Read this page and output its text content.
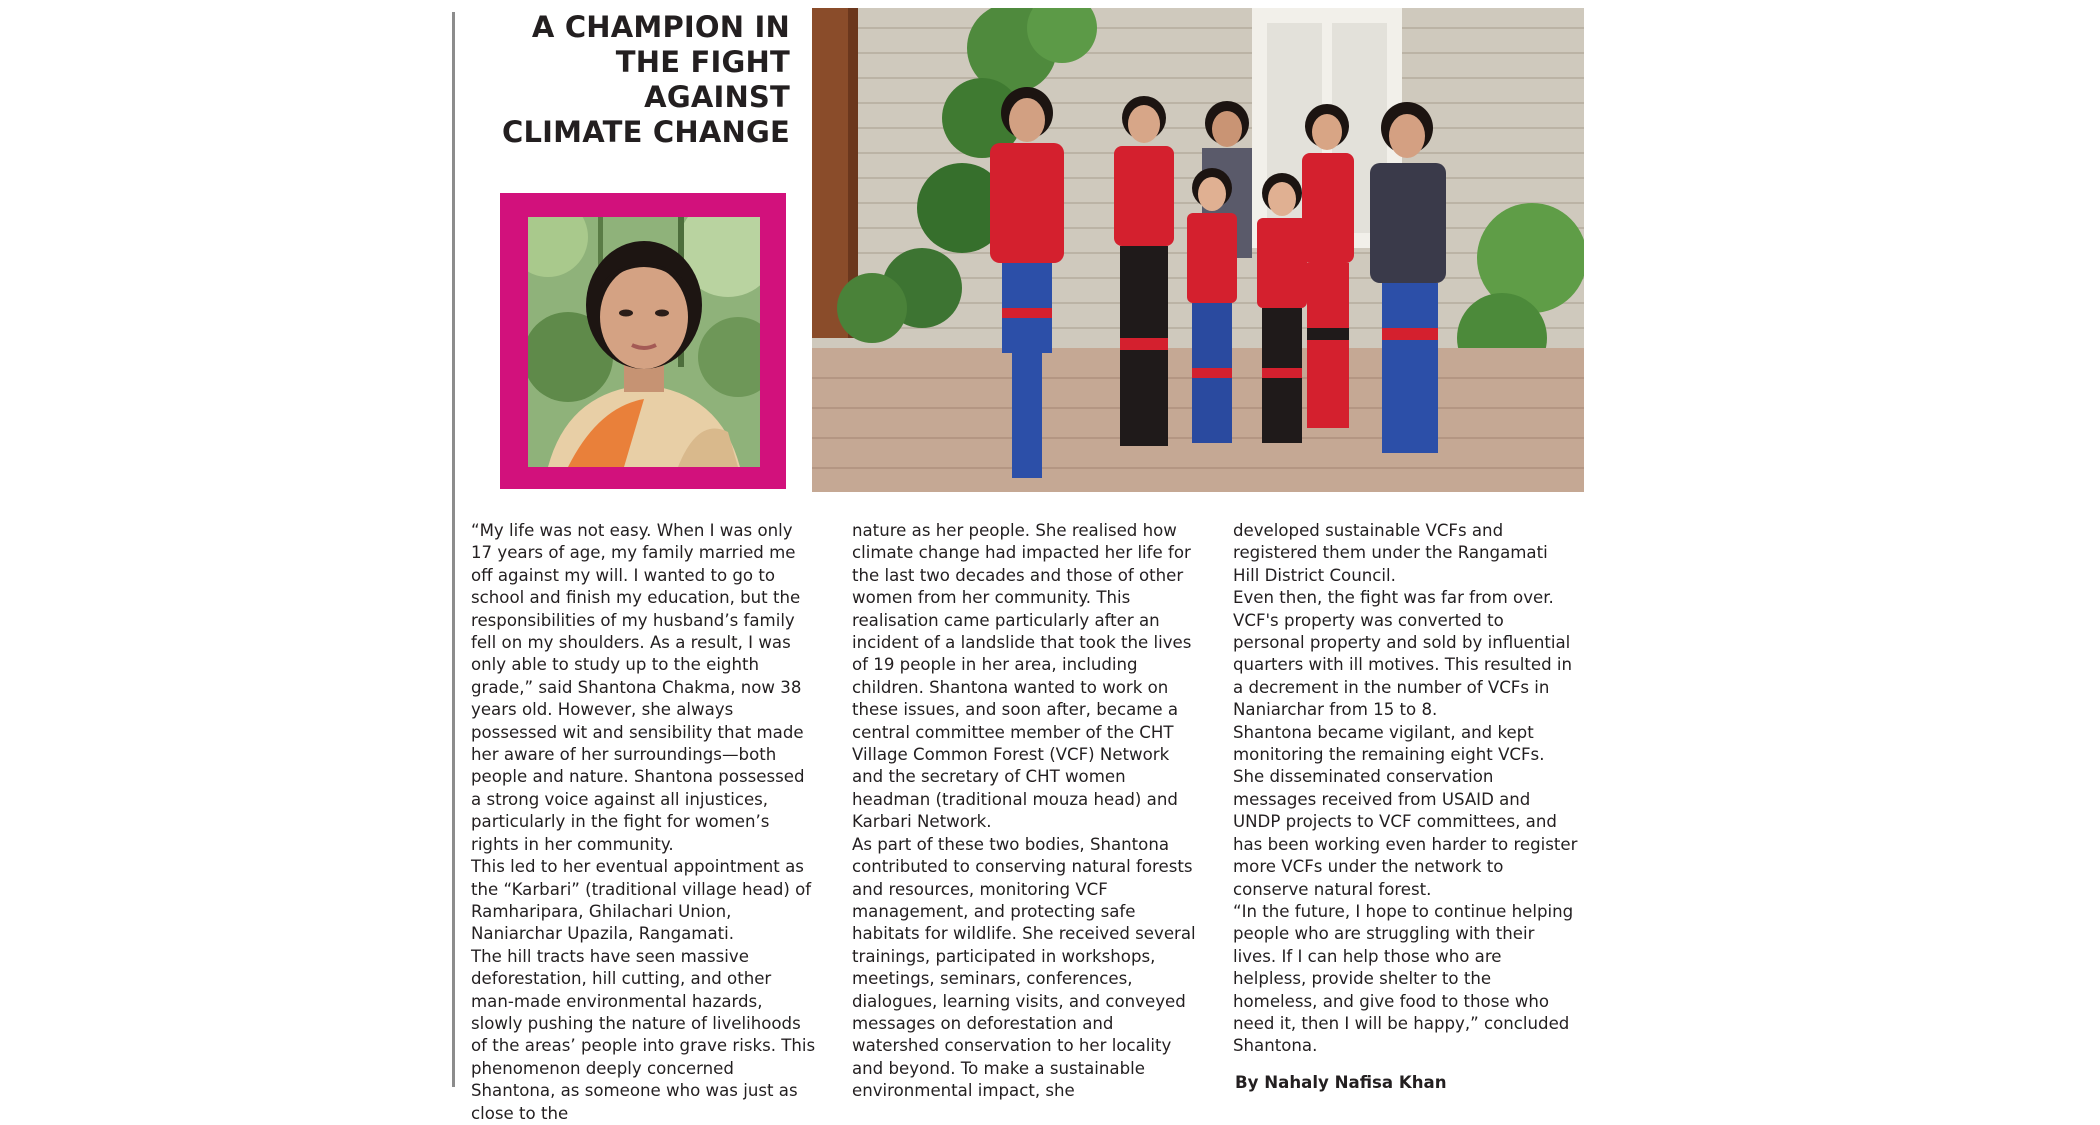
A CHAMPION IN
THE FIGHT AGAINST
CLIMATE CHANGE

“My life was not easy. When I was only 17 years of age, my family married me off against my will. I wanted to go to school and finish my education, but the responsibilities of my husband’s family fell on my shoulders. As a result, I was only able to study up to the eighth grade,” said Shantona Chakma, now 38 years old. However, she always possessed wit and sensibility that made her aware of her surroundings—both people and nature. Shantona possessed a strong voice against all injustices, particularly in the fight for women’s rights in her community.

This led to her eventual appointment as the “Karbari” (traditional village head) of Ramharipara, Ghilachari Union, Naniarchar Upazila, Rangamati.

The hill tracts have seen massive deforestation, hill cutting, and other man-made environmental hazards, slowly pushing the nature of livelihoods of the areas’ people into grave risks. This phenomenon deeply concerned Shantona, as someone who was just as close to the

nature as her people. She realised how climate change had impacted her life for the last two decades and those of other women from her community. This realisation came particularly after an incident of a landslide that took the lives of 19 people in her area, including children. Shantona wanted to work on these issues, and soon after, became a central committee member of the CHT Village Common Forest (VCF) Network and the secretary of CHT women headman (traditional mouza head) and Karbari Network.

As part of these two bodies, Shantona contributed to conserving natural forests and resources, monitoring VCF management, and protecting safe habitats for wildlife. She received several trainings, participated in workshops, meetings, seminars, conferences, dialogues, learning visits, and conveyed messages on deforestation and watershed conservation to her locality and beyond. To make a sustainable environmental impact, she

developed sustainable VCFs and registered them under the Rangamati Hill District Council.

Even then, the fight was far from over. VCF's property was converted to personal property and sold by influential quarters with ill motives. This resulted in a decrement in the number of VCFs in Naniarchar from 15 to 8.

Shantona became vigilant, and kept monitoring the remaining eight VCFs. She disseminated conservation messages received from USAID and UNDP projects to VCF committees, and has been working even harder to register more VCFs under the network to conserve natural forest.

“In the future, I hope to continue helping people who are struggling with their lives. If I can help those who are helpless, provide shelter to the homeless, and give food to those who need it, then I will be happy,” concluded Shantona.

By Nahaly Nafisa Khan
